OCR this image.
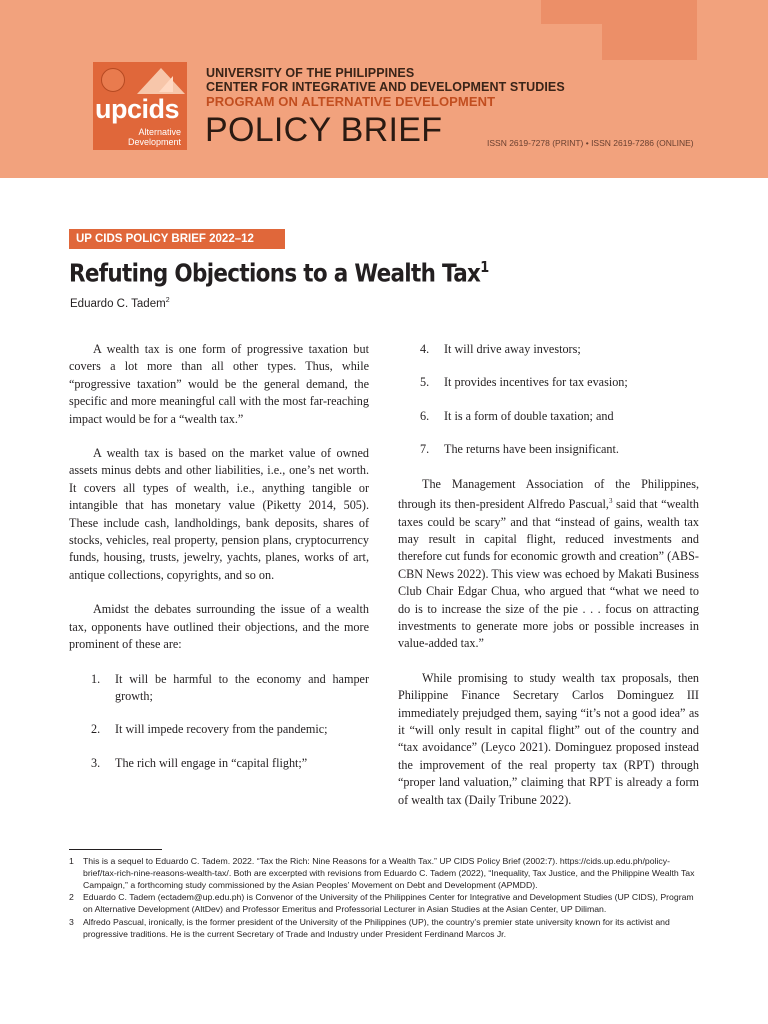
upcids
Alternative
Development
UNIVERSITY OF THE PHILIPPINES
CENTER FOR INTEGRATIVE AND DEVELOPMENT STUDIES
PROGRAM ON ALTERNATIVE DEVELOPMENT
POLICY BRIEF	ISSN 2619-7278 (PRINT) • ISSN 2619-7286 (ONLINE)
UP CIDS POLICY BRIEF 2022–12
Refuting Objections to a Wealth Tax$^1$
Eduardo C. Tadem$^2$

A wealth tax is one form of progressive taxation but covers a lot more than all other types. Thus, while “progressive taxation” would be the general demand, the specific and more meaningful call with the most far-reaching impact would be for a “wealth tax.”

A wealth tax is based on the market value of owned assets minus debts and other liabilities, i.e., one’s net worth. It covers all types of wealth, i.e., anything tangible or intangible that has monetary value (Piketty 2014, 505). These include cash, landholdings, bank deposits, shares of stocks, vehicles, real property, pension plans, cryptocurrency funds, housing, trusts, jewelry, yachts, planes, works of art, antique collections, copyrights, and so on.

Amidst the debates surrounding the issue of a wealth tax, opponents have outlined their objections, and the more prominent of these are:

1. It will be harmful to the economy and hamper growth;
2. It will impede recovery from the pandemic;
3. The rich will engage in “capital flight;”
4. It will drive away investors;
5. It provides incentives for tax evasion;
6. It is a form of double taxation; and
7. The returns have been insignificant.

The Management Association of the Philippines, through its then-president Alfredo Pascual,$^3$ said that “wealth taxes could be scary” and that “instead of gains, wealth tax may result in capital flight, reduced investments and therefore cut funds for economic growth and creation” (ABS-CBN News 2022). This view was echoed by Makati Business Club Chair Edgar Chua, who argued that “what we need to do is to increase the size of the pie . . . focus on attracting investments to generate more jobs or possible increases in value-added tax.”

While promising to study wealth tax proposals, then Philippine Finance Secretary Carlos Dominguez III immediately prejudged them, saying “it’s not a good idea” as it “will only result in capital flight” out of the country and “tax avoidance” (Leyco 2021). Dominguez proposed instead the improvement of the real property tax (RPT) through “proper land valuation,” claiming that RPT is already a form of wealth tax (Daily Tribune 2022).

1 This is a sequel to Eduardo C. Tadem. 2022. “Tax the Rich: Nine Reasons for a Wealth Tax.” UP CIDS Policy Brief (2002:7). https://cids.up.edu.ph/policy-brief/tax-rich-nine-reasons-wealth-tax/. Both are excerpted with revisions from Eduardo C. Tadem (2022), “Inequality, Tax Justice, and the Philippine Wealth Tax Campaign,” a forthcoming study commissioned by the Asian Peoples’ Movement on Debt and Development (APMDD).
2 Eduardo C. Tadem (ectadem@up.edu.ph) is Convenor of the University of the Philippines Center for Integrative and Development Studies (UP CIDS), Program on Alternative Development (AltDev) and Professor Emeritus and Professorial Lecturer in Asian Studies at the Asian Center, UP Diliman.
3 Alfredo Pascual, ironically, is the former president of the University of the Philippines (UP), the country’s premier state university known for its activist and progressive traditions. He is the current Secretary of Trade and Industry under President Ferdinand Marcos Jr.
